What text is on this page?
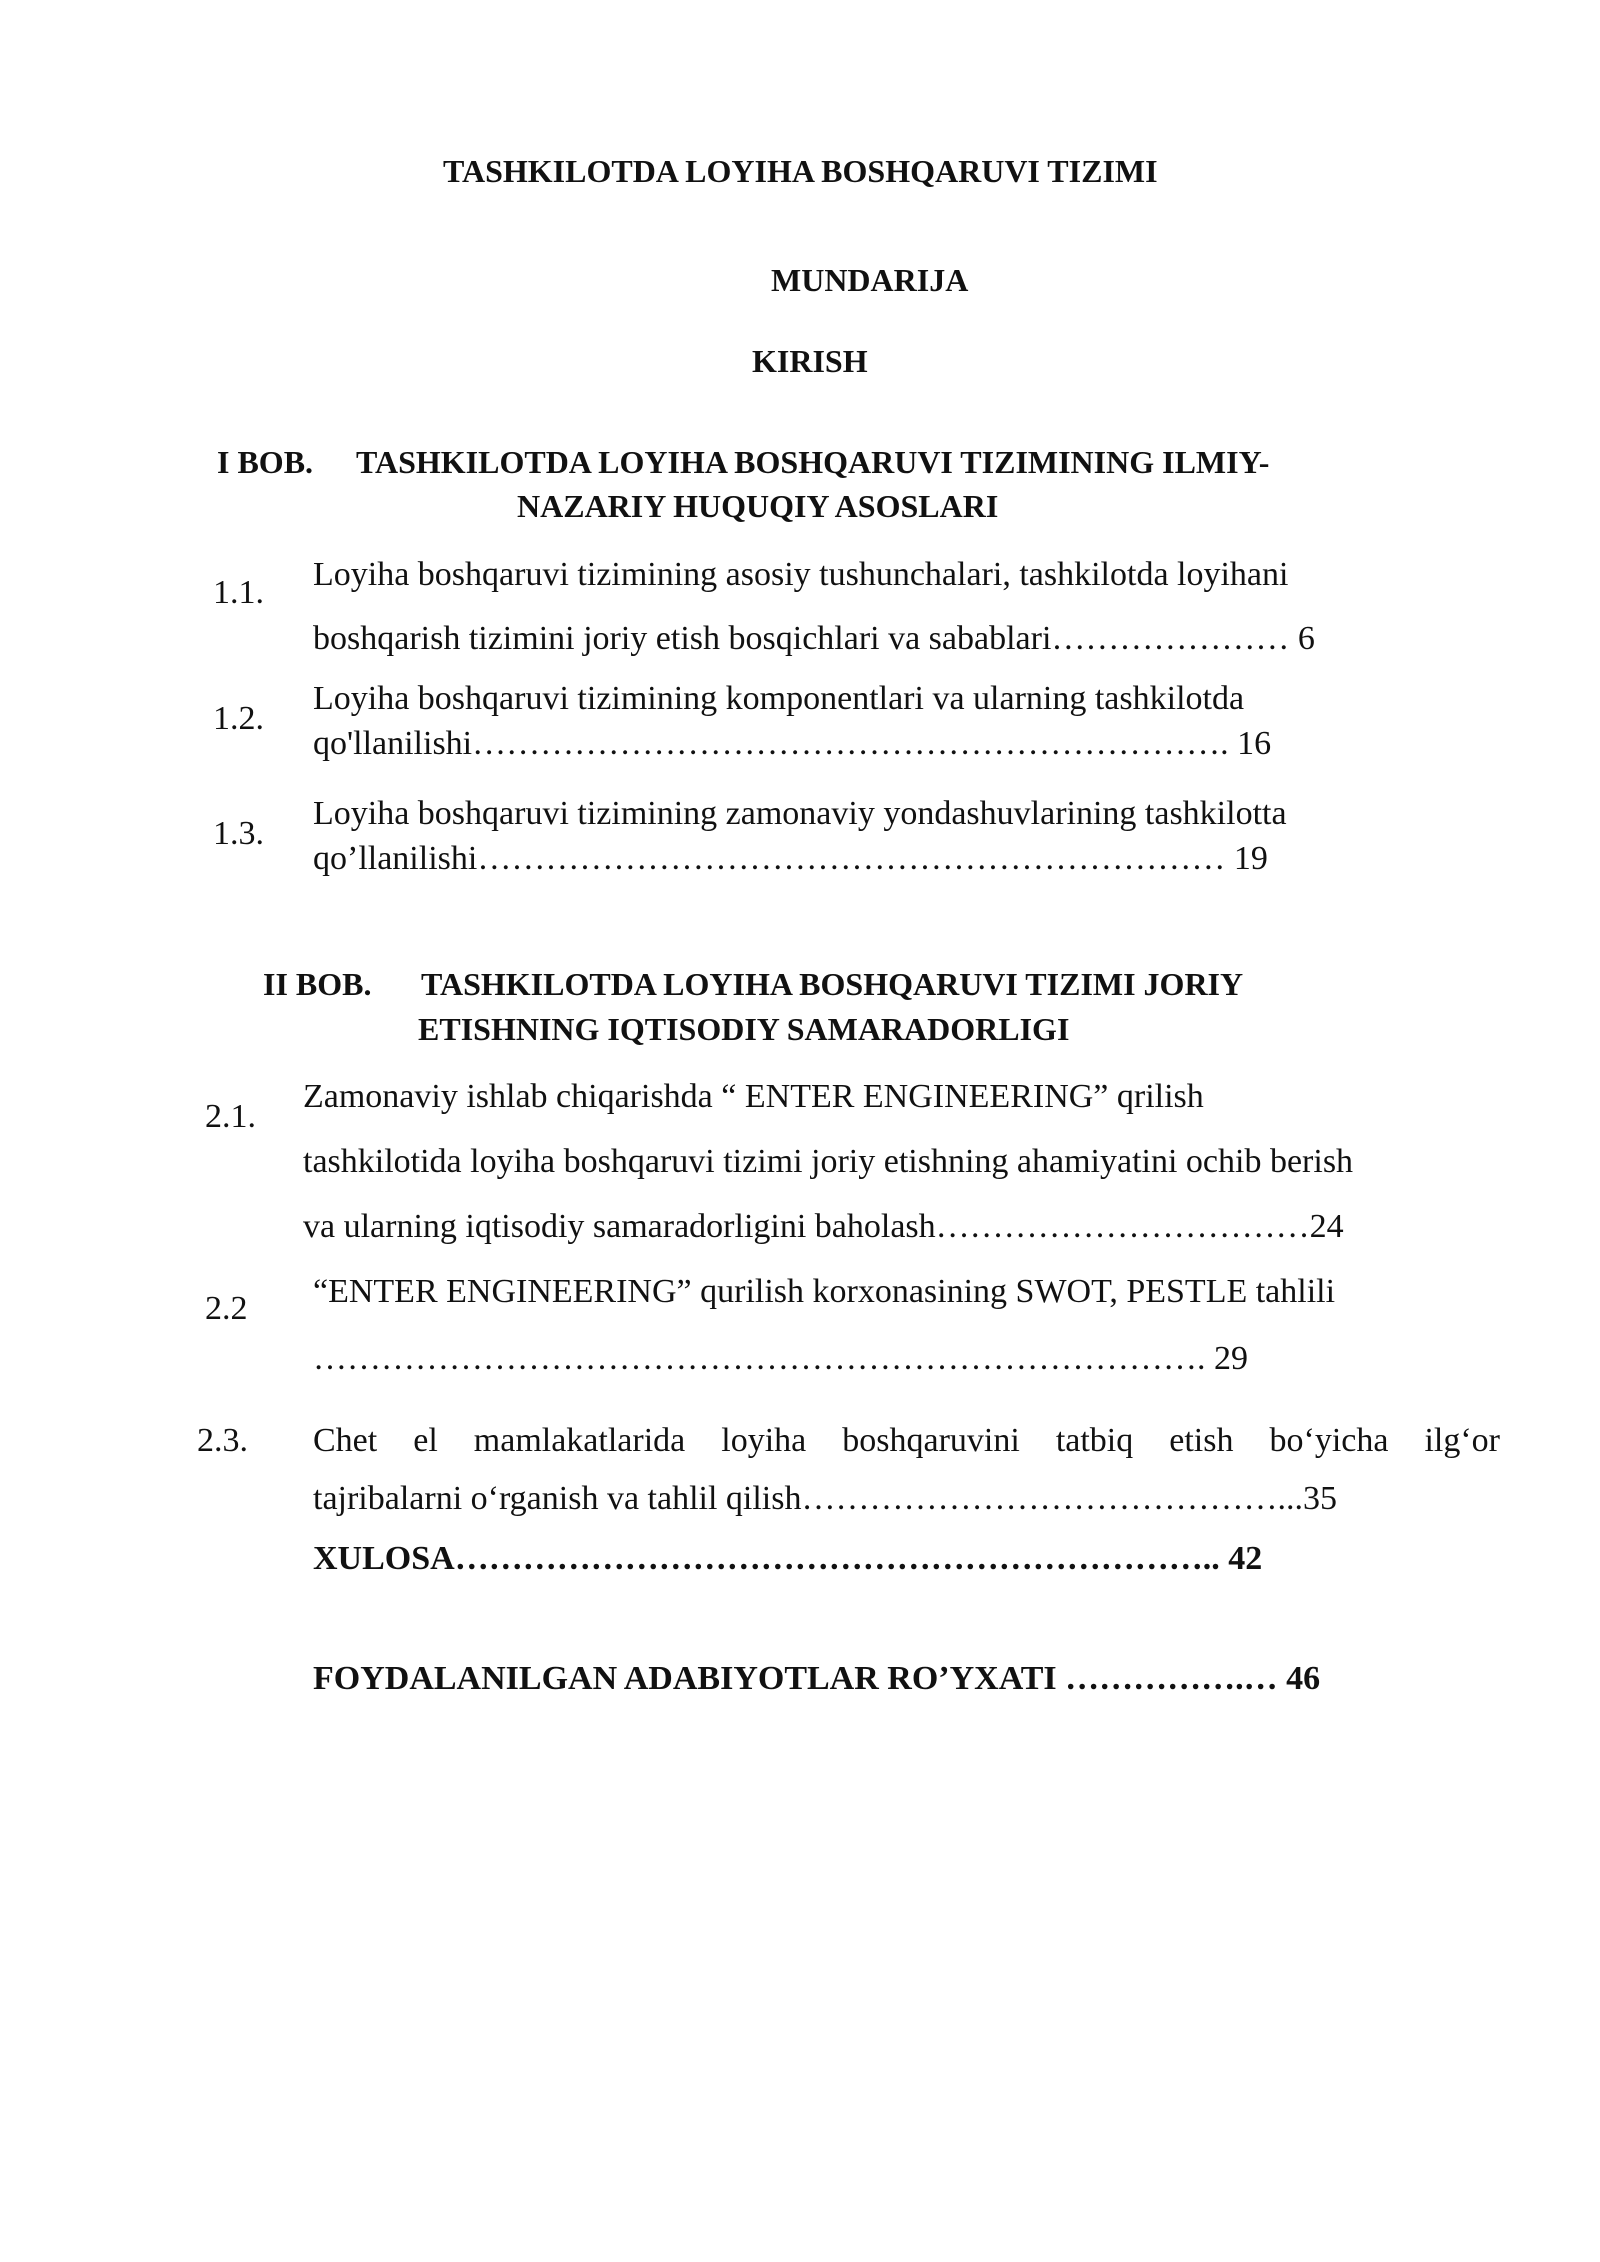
TASHKILOTDA LOYIHA BOSHQARUVI TIZIMI
MUNDARIJA
KIRISH
I BOB. TASHKILOTDA LOYIHA BOSHQARUVI TIZIMINING ILMIY-
NAZARIY HUQUQIY ASOSLARI
1.1. Loyiha boshqaruvi tizimining asosiy tushunchalari, tashkilotda loyihani
boshqarish tizimini joriy etish bosqichlari va sabablari………………… 6
1.2.
Loyiha boshqaruvi tizimining komponentlari va ularning tashkilotda
qo'llanilishi…………………………………………………………. 16
1.3.
Loyiha boshqaruvi tizimining zamonaviy yondashuvlarining tashkilotta
qo’llanilishi………………………………………………………… 19
II BOB. TASHKILOTDA LOYIHA BOSHQARUVI TIZIMI JORIY
ETISHNING IQTISODIY SAMARADORLIGI
2.1.
Zamonaviy ishlab chiqarishda “ ENTER ENGINEERING” qrilish
tashkilotida loyiha boshqaruvi tizimi joriy etishning ahamiyatini ochib berish
va ularning iqtisodiy samaradorligini baholash……………………………24
2.2 “ENTER ENGINEERING” qurilish korxonasining SWOT, PESTLE tahlili
……………………………………………………………………. 29
2.3. Chet el mamlakatlarida loyiha boshqaruvini tatbiq etish bo‘yicha ilg‘or
tajribalarni o‘rganish va tahlil qilish……………………………………...35
XULOSA………………………………………………………….. 42
FOYDALANILGAN ADABIYOTLAR RO’YXATI …………….… 46
